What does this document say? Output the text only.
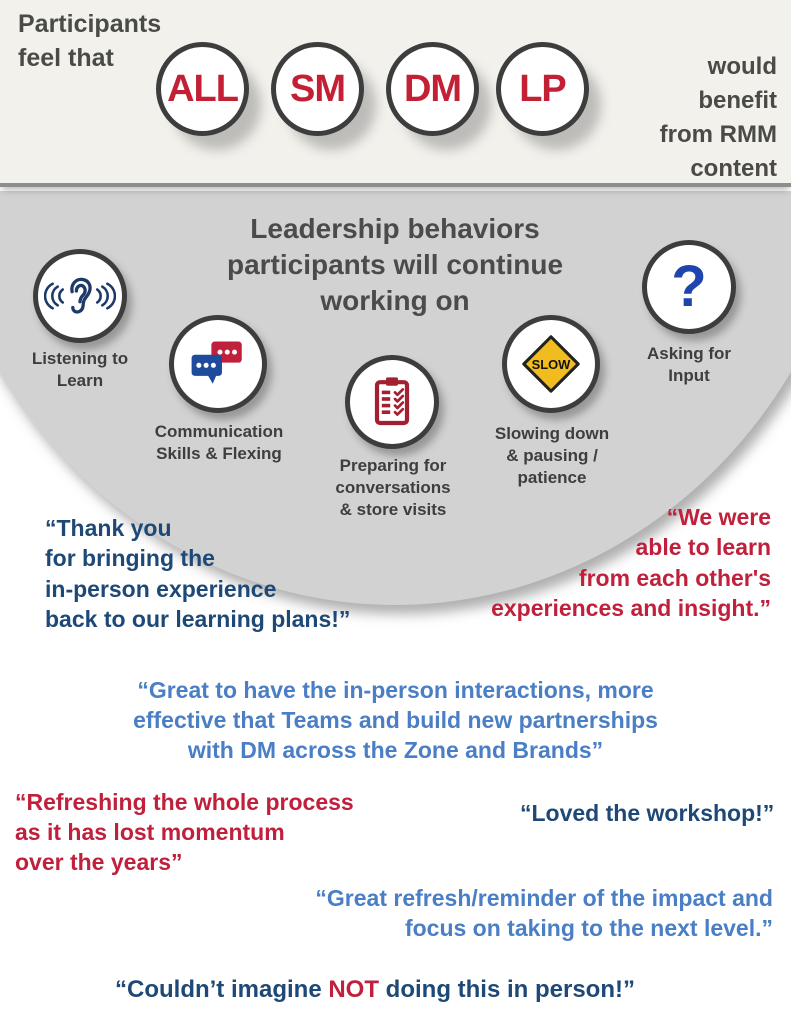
Participants
feel that
ALL SM DM LP
would
benefit
from RMM
content
Leadership behaviors
participants will continue
working on
Listening to
Learn
Communication
Skills & Flexing
Preparing for
conversations
& store visits
SLOW
Slowing down
& pausing /
patience
?
Asking for
Input
“Thank you
for bringing the
in-person experience
back to our learning plans!”
“We were
able to learn
from each other's
experiences and insight.”
“Great to have the in-person interactions, more
effective that Teams and build new partnerships
with DM across the Zone and Brands”
“Refreshing the whole process
as it has lost momentum
over the years”
“Loved the workshop!”
“Great refresh/reminder of the impact and
focus on taking to the next level.”
“Couldn’t imagine NOT doing this in person!”
